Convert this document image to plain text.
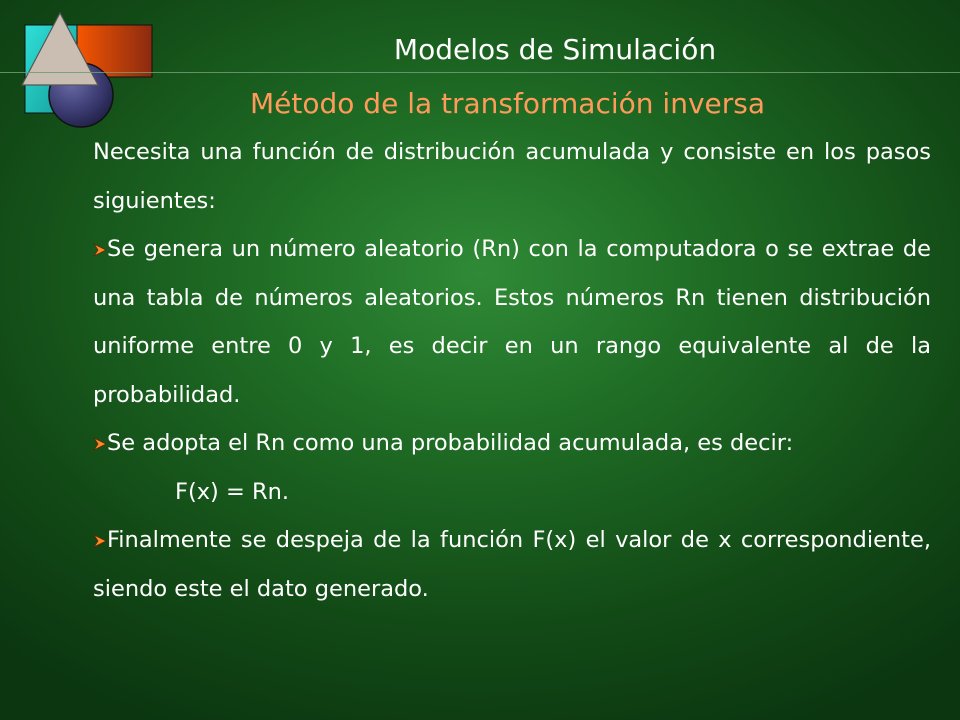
Modelos de Simulación
Método de la transformación inversa

Necesita una función de distribución acumulada y consiste en los pasos siguientes:

Se genera un número aleatorio (Rn) con la computadora o se extrae de una tabla de números aleatorios. Estos números Rn tienen distribución uniforme entre 0 y 1, es decir en un rango equivalente al de la probabilidad.

Se adopta el Rn como una probabilidad acumulada, es decir:

F(x) = Rn.

Finalmente se despeja de la función F(x) el valor de x correspondiente, siendo este el dato generado.
